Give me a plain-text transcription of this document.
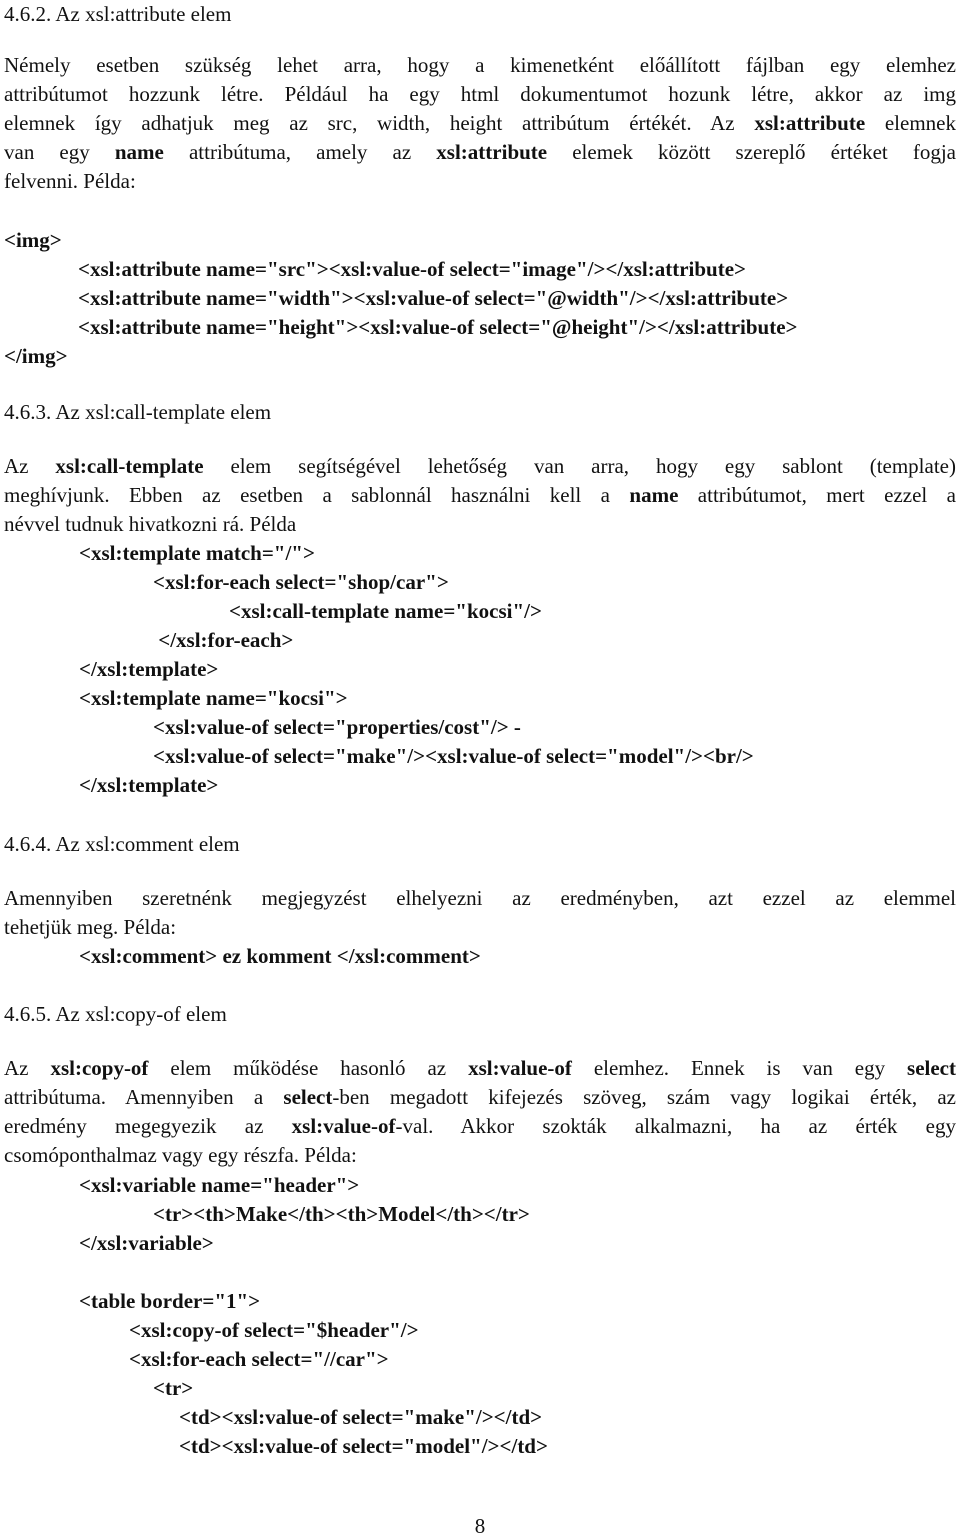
4.6.2. Az xsl:attribute elem
Némely esetben szükség lehet arra, hogy a kimenetként előállított fájlban egy elemhez
attribútumot hozzunk létre. Például ha egy html dokumentumot hozunk létre, akkor az img
elemnek így adhatjuk meg az src, width, height attribútum értékét. Az xsl:attribute elemnek
van egy name attribútuma, amely az xsl:attribute elemek között szereplő értéket fogja
felvenni. Példa:
<img>
<xsl:attribute name="src"><xsl:value-of select="image"/></xsl:attribute>
<xsl:attribute name="width"><xsl:value-of select="@width"/></xsl:attribute>
<xsl:attribute name="height"><xsl:value-of select="@height"/></xsl:attribute>
</img>
4.6.3. Az xsl:call-template elem
Az xsl:call-template elem segítségével lehetőség van arra, hogy egy sablont (template)
meghívjunk. Ebben az esetben a sablonnál használni kell a name attribútumot, mert ezzel a
névvel tudnuk hivatkozni rá. Példa
<xsl:template match="/">
<xsl:for-each select="shop/car">
<xsl:call-template name="kocsi"/>
</xsl:for-each>
</xsl:template>
<xsl:template name="kocsi">
<xsl:value-of select="properties/cost"/> -
<xsl:value-of select="make"/><xsl:value-of select="model"/><br/>
</xsl:template>
4.6.4. Az xsl:comment elem
Amennyiben szeretnénk megjegyzést elhelyezni az eredményben, azt ezzel az elemmel
tehetjük meg. Példa:
<xsl:comment> ez komment </xsl:comment>
4.6.5. Az xsl:copy-of elem
Az xsl:copy-of elem működése hasonló az xsl:value-of elemhez. Ennek is van egy select
attribútuma. Amennyiben a select-ben megadott kifejezés szöveg, szám vagy logikai érték, az
eredmény megegyezik az xsl:value-of-val. Akkor szokták alkalmazni, ha az érték egy
csomóponthalmaz vagy egy részfa. Példa:
<xsl:variable name="header">
<tr><th>Make</th><th>Model</th></tr>
</xsl:variable>
<table border="1">
<xsl:copy-of select="$header"/>
<xsl:for-each select="//car">
<tr>
<td><xsl:value-of select="make"/></td>
<td><xsl:value-of select="model"/></td>
8
